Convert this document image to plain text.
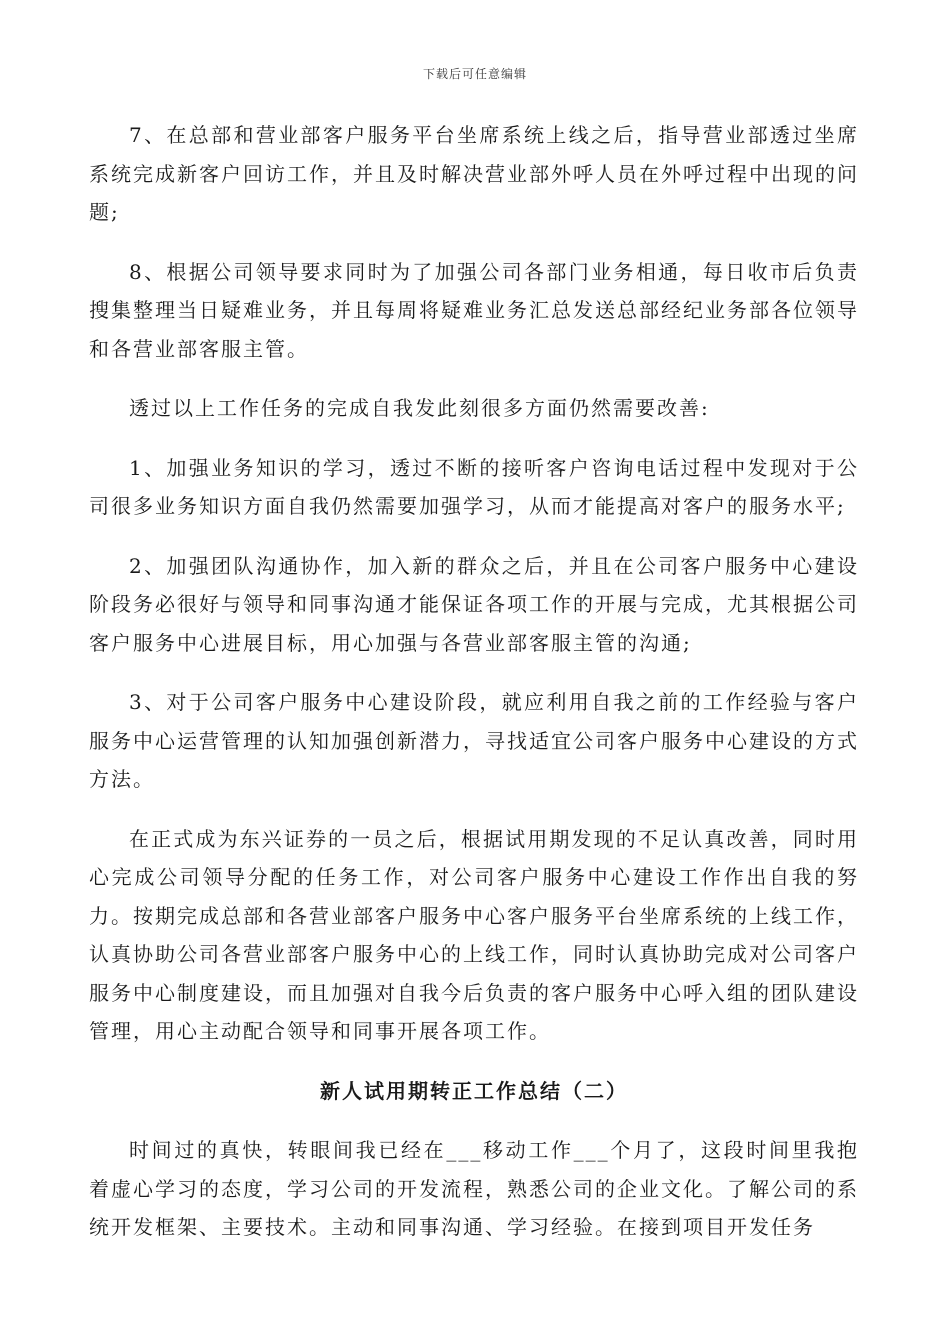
下载后可任意编辑

7、在总部和营业部客户服务平台坐席系统上线之后，指导营业部透过坐席系统完成新客户回访工作，并且及时解决营业部外呼人员在外呼过程中出现的问题;

8、根据公司领导要求同时为了加强公司各部门业务相通，每日收市后负责搜集整理当日疑难业务，并且每周将疑难业务汇总发送总部经纪业务部各位领导和各营业部客服主管。

透过以上工作任务的完成自我发此刻很多方面仍然需要改善:

1、加强业务知识的学习，透过不断的接听客户咨询电话过程中发现对于公司很多业务知识方面自我仍然需要加强学习，从而才能提高对客户的服务水平;

2、加强团队沟通协作，加入新的群众之后，并且在公司客户服务中心建设阶段务必很好与领导和同事沟通才能保证各项工作的开展与完成，尤其根据公司客户服务中心进展目标，用心加强与各营业部客服主管的沟通;

3、对于公司客户服务中心建设阶段，就应利用自我之前的工作经验与客户服务中心运营管理的认知加强创新潜力，寻找适宜公司客户服务中心建设的方式方法。

在正式成为东兴证券的一员之后，根据试用期发现的不足认真改善，同时用心完成公司领导分配的任务工作，对公司客户服务中心建设工作作出自我的努力。按期完成总部和各营业部客户服务中心客户服务平台坐席系统的上线工作，认真协助公司各营业部客户服务中心的上线工作，同时认真协助完成对公司客户服务中心制度建设，而且加强对自我今后负责的客户服务中心呼入组的团队建设管理，用心主动配合领导和同事开展各项工作。

新人试用期转正工作总结（二）

时间过的真快，转眼间我已经在___移动工作___个月了，这段时间里我抱着虚心学习的态度，学习公司的开发流程，熟悉公司的企业文化。了解公司的系统开发框架、主要技术。主动和同事沟通、学习经验。在接到项目开发任务
